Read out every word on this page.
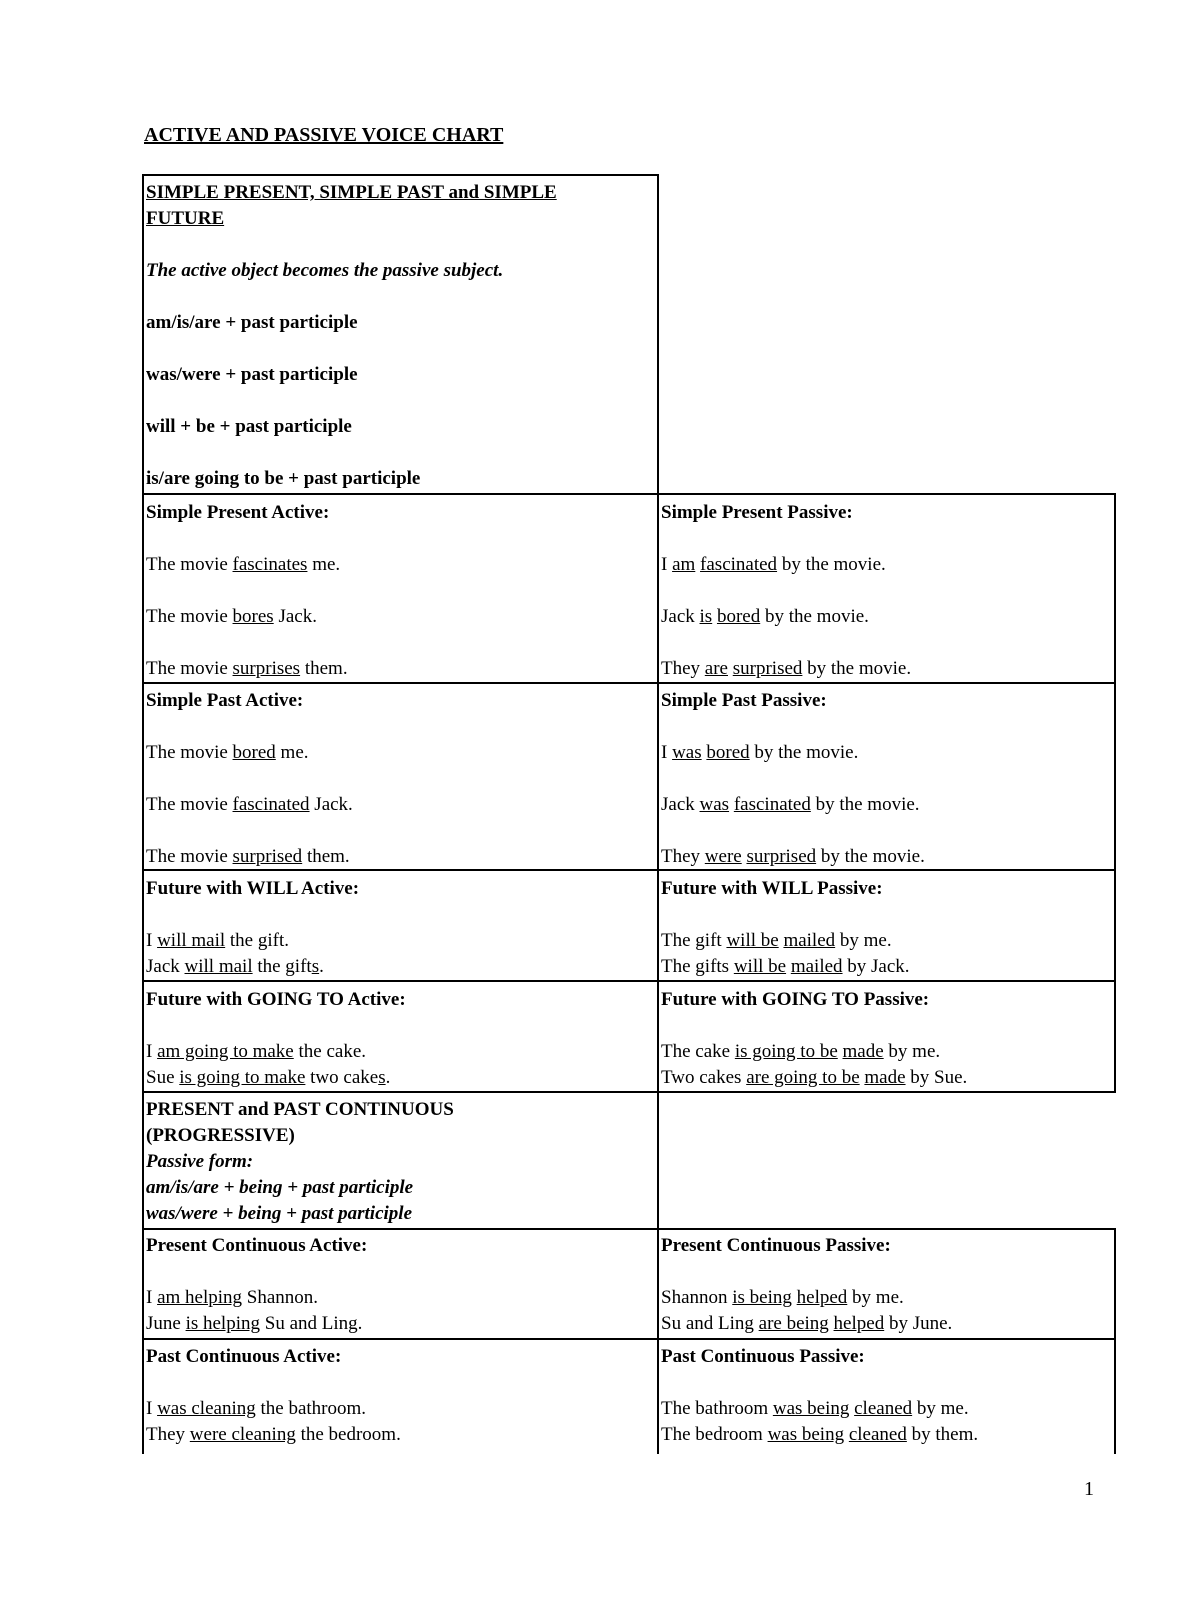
ACTIVE AND PASSIVE VOICE CHART

SIMPLE PRESENT, SIMPLE PAST and SIMPLE

FUTURE

The active object becomes the passive subject.

am/is/are + past participle

was/were + past participle

will + be + past participle

is/are going to be + past participle

Simple Present Active:

The movie fascinates me.

The movie bores Jack.

The movie surprises them.

Simple Present Passive:

I am fascinated by the movie.

Jack is bored by the movie.

They are surprised by the movie.

Simple Past Active:

The movie bored me.

The movie fascinated Jack.

The movie surprised them.

Simple Past Passive:

I was bored by the movie.

Jack was fascinated by the movie.

They were surprised by the movie.

Future with WILL Active:

I will mail the gift.

Jack will mail the gifts.

Future with WILL Passive:

The gift will be mailed by me.

The gifts will be mailed by Jack.

Future with GOING TO Active:

I am going to make the cake.

Sue is going to make two cakes.

Future with GOING TO Passive:

The cake is going to be made by me.

Two cakes are going to be made by Sue.

PRESENT and PAST CONTINUOUS

(PROGRESSIVE)

Passive form:

am/is/are + being + past participle

was/were + being + past participle

Present Continuous Active:

I am helping Shannon.

June is helping Su and Ling.

Present Continuous Passive:

Shannon is being helped by me.

Su and Ling are being helped by June.

Past Continuous Active:

I was cleaning the bathroom.

They were cleaning the bedroom.

Past Continuous Passive:

The bathroom was being cleaned by me.

The bedroom was being cleaned by them.

1
